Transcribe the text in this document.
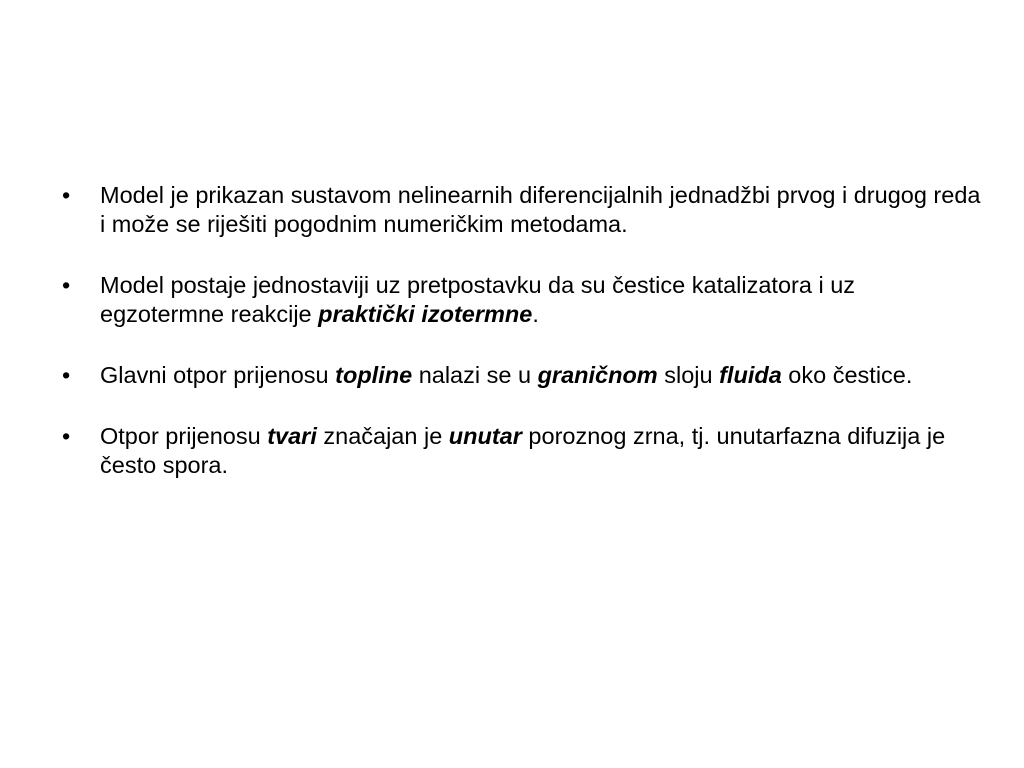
•	Model je prikazan sustavom nelinearnih diferencijalnih jednadžbi prvog i drugog reda i može se riješiti pogodnim numeričkim metodama.
•	Model postaje jednostaviji uz pretpostavku da su čestice katalizatora i uz egzotermne reakcije praktički izotermne.
•	Glavni otpor prijenosu topline nalazi se u graničnom sloju fluida oko čestice.
•	Otpor prijenosu tvari značajan je unutar poroznog zrna, tj. unutarfazna difuzija je često spora.
